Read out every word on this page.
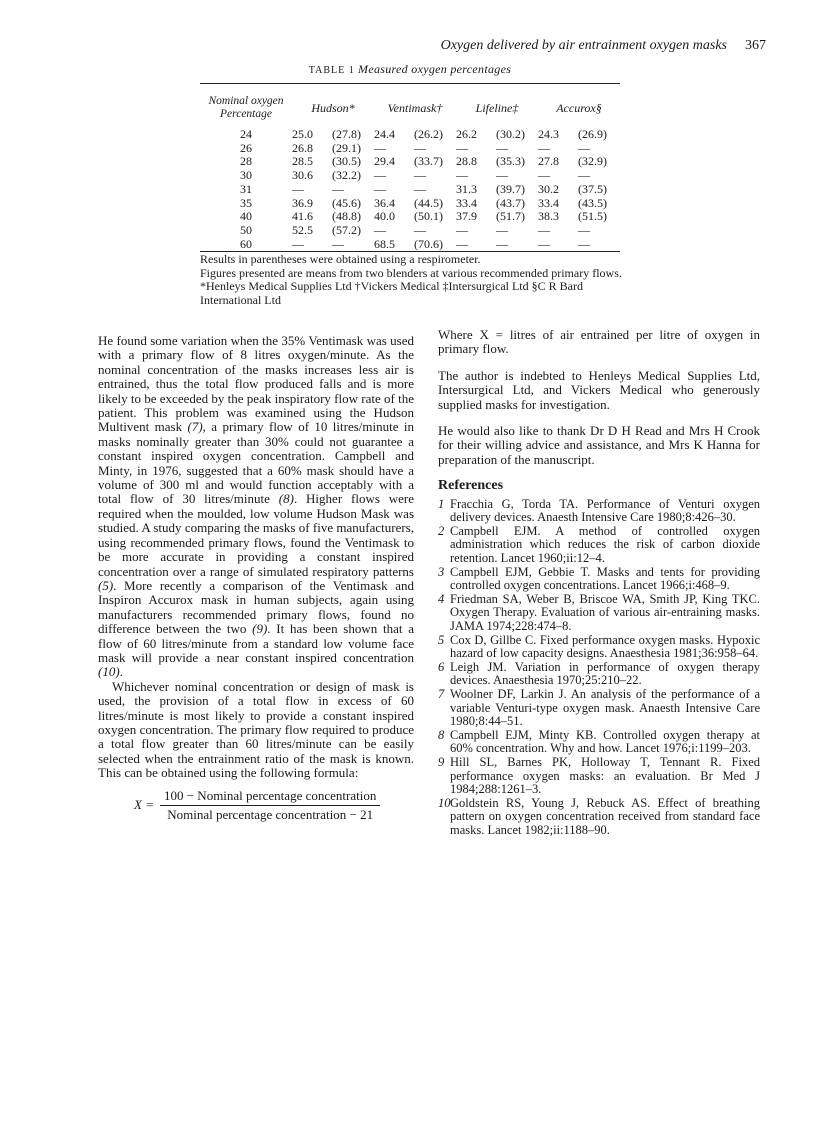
Oxygen delivered by air entrainment oxygen masks 367
TABLE 1 Measured oxygen percentages
Nominal oxygen Percentage	Hudson*	Ventimask†	Lifeline‡	Accurox§
24	25.0 (27.8)	24.4 (26.2)	26.2 (30.2)	24.3 (26.9)
26	26.8 (29.1)	— —	— —	— —
28	28.5 (30.5)	29.4 (33.7)	28.8 (35.3)	27.8 (32.9)
30	30.6 (32.2)	— —	— —	— —
31	— —	— —	31.3 (39.7)	30.2 (37.5)
35	36.9 (45.6)	36.4 (44.5)	33.4 (43.7)	33.4 (43.5)
40	41.6 (48.8)	40.0 (50.1)	37.9 (51.7)	38.3 (51.5)
50	52.5 (57.2)	— —	— —	— —
60	— —	68.5 (70.6)	— —	— —

Results in parentheses were obtained using a respirometer.

Figures presented are means from two blenders at various recommended primary flows.

*Henleys Medical Supplies Ltd †Vickers Medical ‡Intersurgical Ltd §C R Bard International Ltd

He found some variation when the 35% Ventimask was used with a primary flow of 8 litres oxygen/minute. As the nominal concentration of the masks increases less air is entrained, thus the total flow produced falls and is more likely to be exceeded by the peak inspiratory flow rate of the patient. This problem was examined using the Hudson Multivent mask (7), a primary flow of 10 litres/minute in masks nominally greater than 30% could not guarantee a constant inspired oxygen concentration. Campbell and Minty, in 1976, suggested that a 60% mask should have a volume of 300 ml and would function acceptably with a total flow of 30 litres/minute (8). Higher flows were required when the moulded, low volume Hudson Mask was studied. A study comparing the masks of five manufacturers, using recommended primary flows, found the Ventimask to be more accurate in providing a constant inspired concentration over a range of simulated respiratory patterns (5). More recently a comparison of the Ventimask and Inspiron Accurox mask in human subjects, again using manufacturers recommended primary flows, found no difference between the two (9). It has been shown that a flow of 60 litres/minute from a standard low volume face mask will provide a near constant inspired concentration (10).

Whichever nominal concentration or design of mask is used, the provision of a total flow in excess of 60 litres/minute is most likely to provide a constant inspired oxygen concentration. The primary flow required to produce a total flow greater than 60 litres/minute can be easily selected when the entrainment ratio of the mask is known. This can be obtained using the following formula:

$X = \frac{\text{100 − Nominal percentage concentration}}{\text{Nominal percentage concentration − 21}}$

Where X = litres of air entrained per litre of oxygen in primary flow.

The author is indebted to Henleys Medical Supplies Ltd, Intersurgical Ltd, and Vickers Medical who generously supplied masks for investigation.

He would also like to thank Dr D H Read and Mrs H Crook for their willing advice and assistance, and Mrs K Hanna for preparation of the manuscript.

References
1 Fracchia G, Torda TA. Performance of Venturi oxygen delivery devices. Anaesth Intensive Care 1980;8:426–30.
2 Campbell EJM. A method of controlled oxygen administration which reduces the risk of carbon dioxide retention. Lancet 1960;ii:12–4.
3 Campbell EJM, Gebbie T. Masks and tents for providing controlled oxygen concentrations. Lancet 1966;i:468–9.
4 Friedman SA, Weber B, Briscoe WA, Smith JP, King TKC. Oxygen Therapy. Evaluation of various air-entraining masks. JAMA 1974;228:474–8.
5 Cox D, Gillbe C. Fixed performance oxygen masks. Hypoxic hazard of low capacity designs. Anaesthesia 1981;36:958–64.
6 Leigh JM. Variation in performance of oxygen therapy devices. Anaesthesia 1970;25:210–22.
7 Woolner DF, Larkin J. An analysis of the performance of a variable Venturi-type oxygen mask. Anaesth Intensive Care 1980;8:44–51.
8 Campbell EJM, Minty KB. Controlled oxygen therapy at 60% concentration. Why and how. Lancet 1976;i:1199–203.
9 Hill SL, Barnes PK, Holloway T, Tennant R. Fixed performance oxygen masks: an evaluation. Br Med J 1984;288:1261–3.
10 Goldstein RS, Young J, Rebuck AS. Effect of breathing pattern on oxygen concentration received from standard face masks. Lancet 1982;ii:1188–90.
